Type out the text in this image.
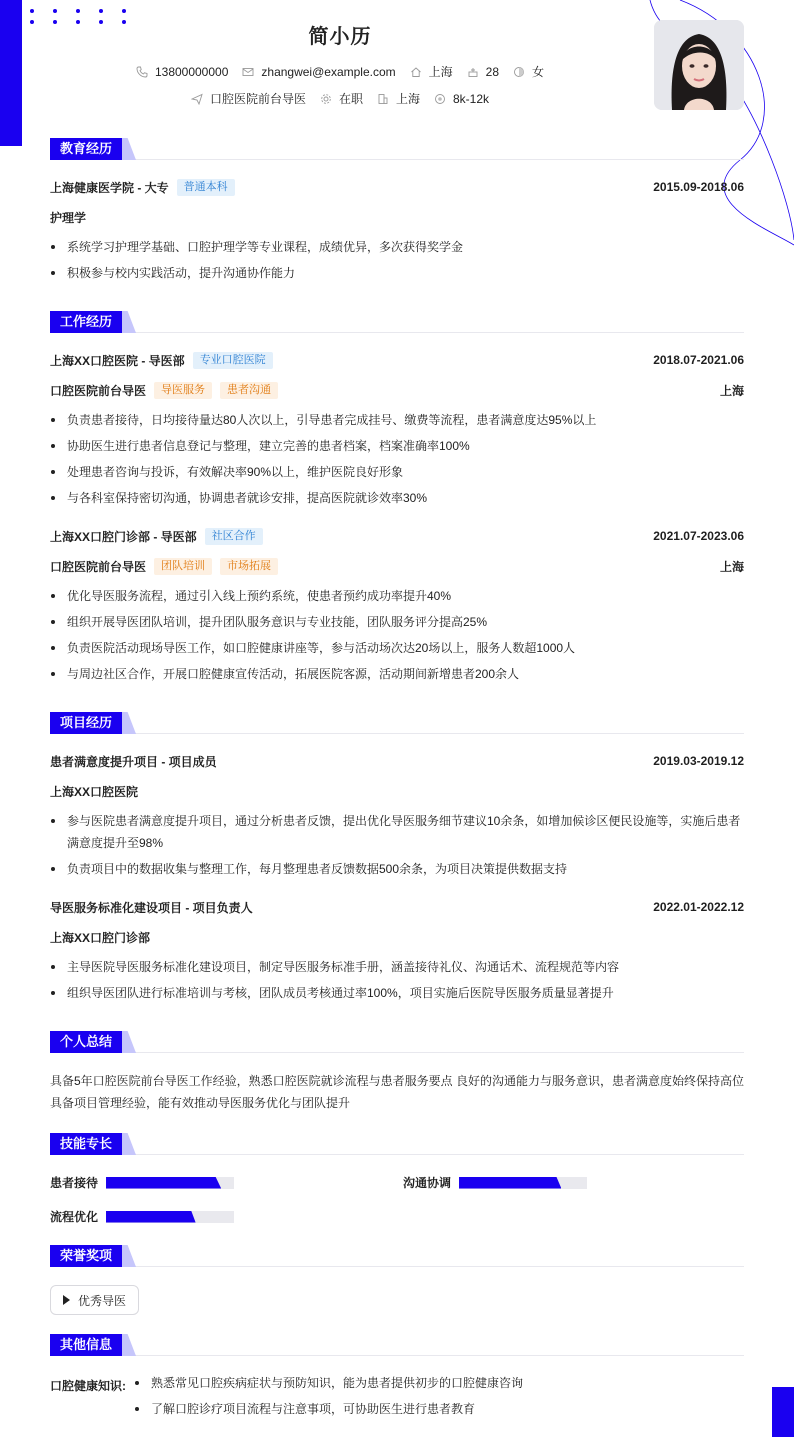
简小历
13800000000	zhangwei@example.com	上海	28	女
口腔医院前台导医	在职	上海	8k-12k
教育经历
上海健康医学院 - 大专	普通本科	2015.09-2018.06
护理学
系统学习护理学基础、口腔护理学等专业课程，成绩优异，多次获得奖学金
积极参与校内实践活动，提升沟通协作能力
工作经历
上海XX口腔医院 - 导医部	专业口腔医院	2018.07-2021.06
口腔医院前台导医	导医服务	患者沟通	上海
负责患者接待，日均接待量达80人次以上，引导患者完成挂号、缴费等流程，患者满意度达95%以上
协助医生进行患者信息登记与整理，建立完善的患者档案，档案准确率100%
处理患者咨询与投诉，有效解决率90%以上，维护医院良好形象
与各科室保持密切沟通，协调患者就诊安排，提高医院就诊效率30%
上海XX口腔门诊部 - 导医部	社区合作	2021.07-2023.06
口腔医院前台导医	团队培训	市场拓展	上海
优化导医服务流程，通过引入线上预约系统，使患者预约成功率提升40%
组织开展导医团队培训，提升团队服务意识与专业技能，团队服务评分提高25%
负责医院活动现场导医工作，如口腔健康讲座等，参与活动场次达20场以上，服务人数超1000人
与周边社区合作，开展口腔健康宣传活动，拓展医院客源，活动期间新增患者200余人
项目经历
患者满意度提升项目 - 项目成员	2019.03-2019.12
上海XX口腔医院
参与医院患者满意度提升项目，通过分析患者反馈，提出优化导医服务细节建议10余条，如增加候诊区便民设施等，实施后患者满意度提升至98%
负责项目中的数据收集与整理工作，每月整理患者反馈数据500余条，为项目决策提供数据支持
导医服务标准化建设项目 - 项目负责人	2022.01-2022.12
上海XX口腔门诊部
主导医院导医服务标准化建设项目，制定导医服务标准手册，涵盖接待礼仪、沟通话术、流程规范等内容
组织导医团队进行标准培训与考核，团队成员考核通过率100%，项目实施后医院导医服务质量显著提升
个人总结
具备5年口腔医院前台导医工作经验，熟悉口腔医院就诊流程与患者服务要点 良好的沟通能力与服务意识，患者满意度始终保持高位 具备项目管理经验，能有效推动导医服务优化与团队提升
技能专长
患者接待	沟通协调
流程优化
荣誉奖项
优秀导医
其他信息
口腔健康知识:	熟悉常见口腔疾病症状与预防知识，能为患者提供初步的口腔健康咨询
了解口腔诊疗项目流程与注意事项，可协助医生进行患者教育
